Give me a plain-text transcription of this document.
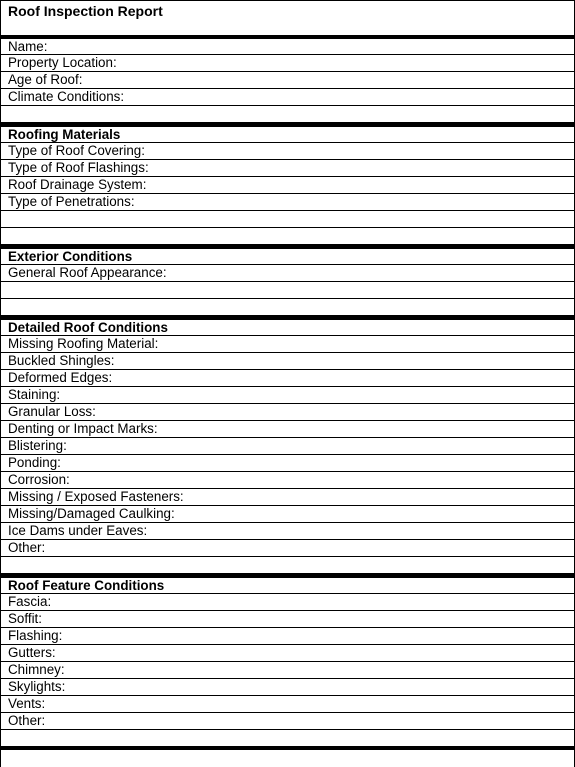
Roof Inspection Report
Name:
Property Location:
Age of Roof:
Climate Conditions:
Roofing Materials
Type of Roof Covering:
Type of Roof Flashings:
Roof Drainage System:
Type of Penetrations:
Exterior Conditions
General Roof Appearance:
Detailed Roof Conditions
Missing Roofing Material:
Buckled Shingles:
Deformed Edges:
Staining:
Granular Loss:
Denting or Impact Marks:
Blistering:
Ponding:
Corrosion:
Missing / Exposed Fasteners:
Missing/Damaged Caulking:
Ice Dams under Eaves:
Other:
Roof Feature Conditions
Fascia:
Soffit:
Flashing:
Gutters:
Chimney:
Skylights:
Vents:
Other:
